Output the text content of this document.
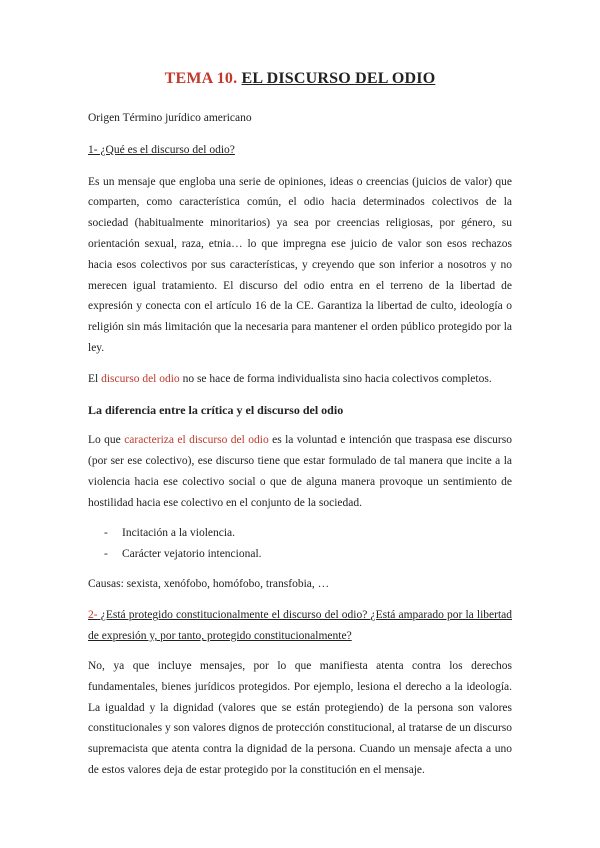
TEMA 10. EL DISCURSO DEL ODIO

Origen Término jurídico americano

1- ¿Qué es el discurso del odio?

Es un mensaje que engloba una serie de opiniones, ideas o creencias (juicios de valor) que comparten, como característica común, el odio hacia determinados colectivos de la sociedad (habitualmente minoritarios) ya sea por creencias religiosas, por género, su orientación sexual, raza, etnia… lo que impregna ese juicio de valor son esos rechazos hacia esos colectivos por sus características, y creyendo que son inferior a nosotros y no merecen igual tratamiento. El discurso del odio entra en el terreno de la libertad de expresión y conecta con el artículo 16 de la CE. Garantiza la libertad de culto, ideología o religión sin más limitación que la necesaria para mantener el orden público protegido por la ley.

El discurso del odio no se hace de forma individualista sino hacia colectivos completos.

La diferencia entre la crítica y el discurso del odio

Lo que caracteriza el discurso del odio es la voluntad e intención que traspasa ese discurso (por ser ese colectivo), ese discurso tiene que estar formulado de tal manera que incite a la violencia hacia ese colectivo social o que de alguna manera provoque un sentimiento de hostilidad hacia ese colectivo en el conjunto de la sociedad.

-	Incitación a la violencia.
-	Carácter vejatorio intencional.

Causas: sexista, xenófobo, homófobo, transfobia, …

2- ¿Está protegido constitucionalmente el discurso del odio? ¿Está amparado por la libertad de expresión y, por tanto, protegido constitucionalmente?

No, ya que incluye mensajes, por lo que manifiesta atenta contra los derechos fundamentales, bienes jurídicos protegidos. Por ejemplo, lesiona el derecho a la ideología. La igualdad y la dignidad (valores que se están protegiendo) de la persona son valores constitucionales y son valores dignos de protección constitucional, al tratarse de un discurso supremacista que atenta contra la dignidad de la persona. Cuando un mensaje afecta a uno de estos valores deja de estar protegido por la constitución en el mensaje.
